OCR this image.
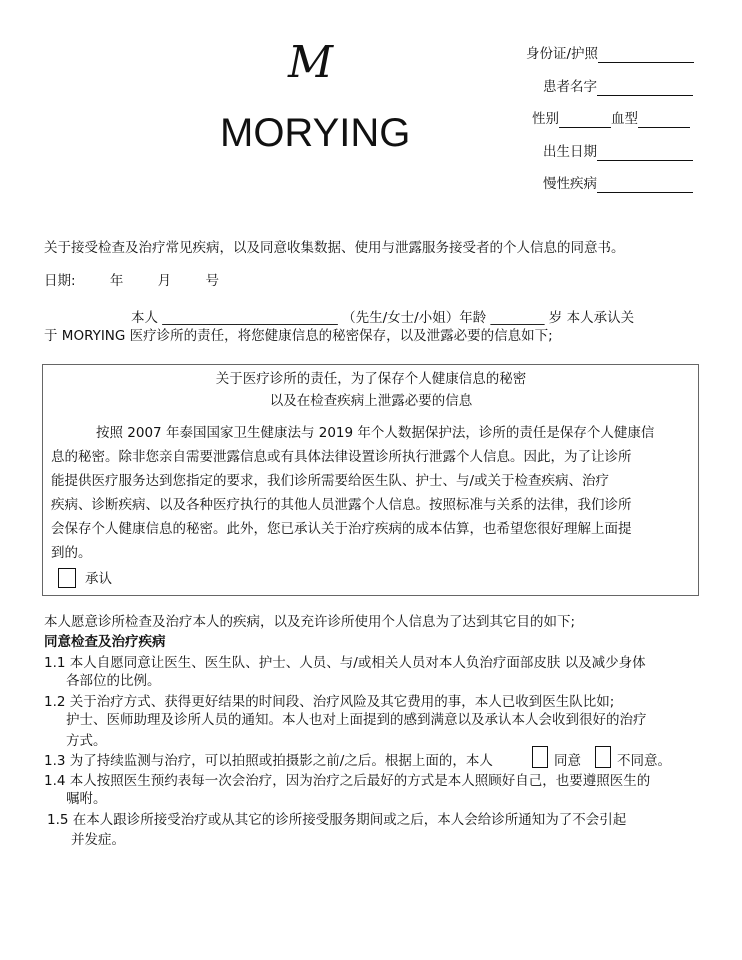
M
MORYING
身份证/护照
患者名字
性别	血型
出生日期
慢性疾病
关于接受检查及治疗常见疾病，以及同意收集数据、使用与泄露服务接受者的个人信息的同意书。
日期:	年	月	号
本人 __________________________ （先生/女士/小姐）年龄 ________ 岁 本人承认关
于 MORYING 医疗诊所的责任，将您健康信息的秘密保存，以及泄露必要的信息如下;
关于医疗诊所的责任，为了保存个人健康信息的秘密
以及在检查疾病上泄露必要的信息
按照 2007 年泰国国家卫生健康法与 2019 年个人数据保护法，诊所的责任是保存个人健康信
息的秘密。除非您亲自需要泄露信息或有具体法律设置诊所执行泄露个人信息。因此，为了让诊所
能提供医疗服务达到您指定的要求，我们诊所需要给医生队、护士、与/或关于检查疾病、治疗
疾病、诊断疾病、以及各种医疗执行的其他人员泄露个人信息。按照标准与关系的法律，我们诊所
会保存个人健康信息的秘密。此外，您已承认关于治疗疾病的成本估算，也希望您很好理解上面提
到的。
承认
本人愿意诊所检查及治疗本人的疾病，以及充许诊所使用个人信息为了达到其它目的如下;
同意检查及治疗疾病
1.1 本人自愿同意让医生、医生队、护士、人员、与/或相关人员对本人负治疗面部皮肤 以及减少身体
各部位的比例。
1.2 关于治疗方式、获得更好结果的时间段、治疗风险及其它费用的事，本人已收到医生队比如;
护士、医师助理及诊所人员的通知。本人也对上面提到的感到满意以及承认本人会收到很好的治疗
方式。
1.3 为了持续监测与治疗，可以拍照或拍摄影之前/之后。根据上面的，本人	同意	不同意。
1.4 本人按照医生预约表每一次会治疗，因为治疗之后最好的方式是本人照顾好自己，也要遵照医生的
嘱咐。
1.5 在本人跟诊所接受治疗或从其它的诊所接受服务期间或之后，本人会给诊所通知为了不会引起
并发症。
